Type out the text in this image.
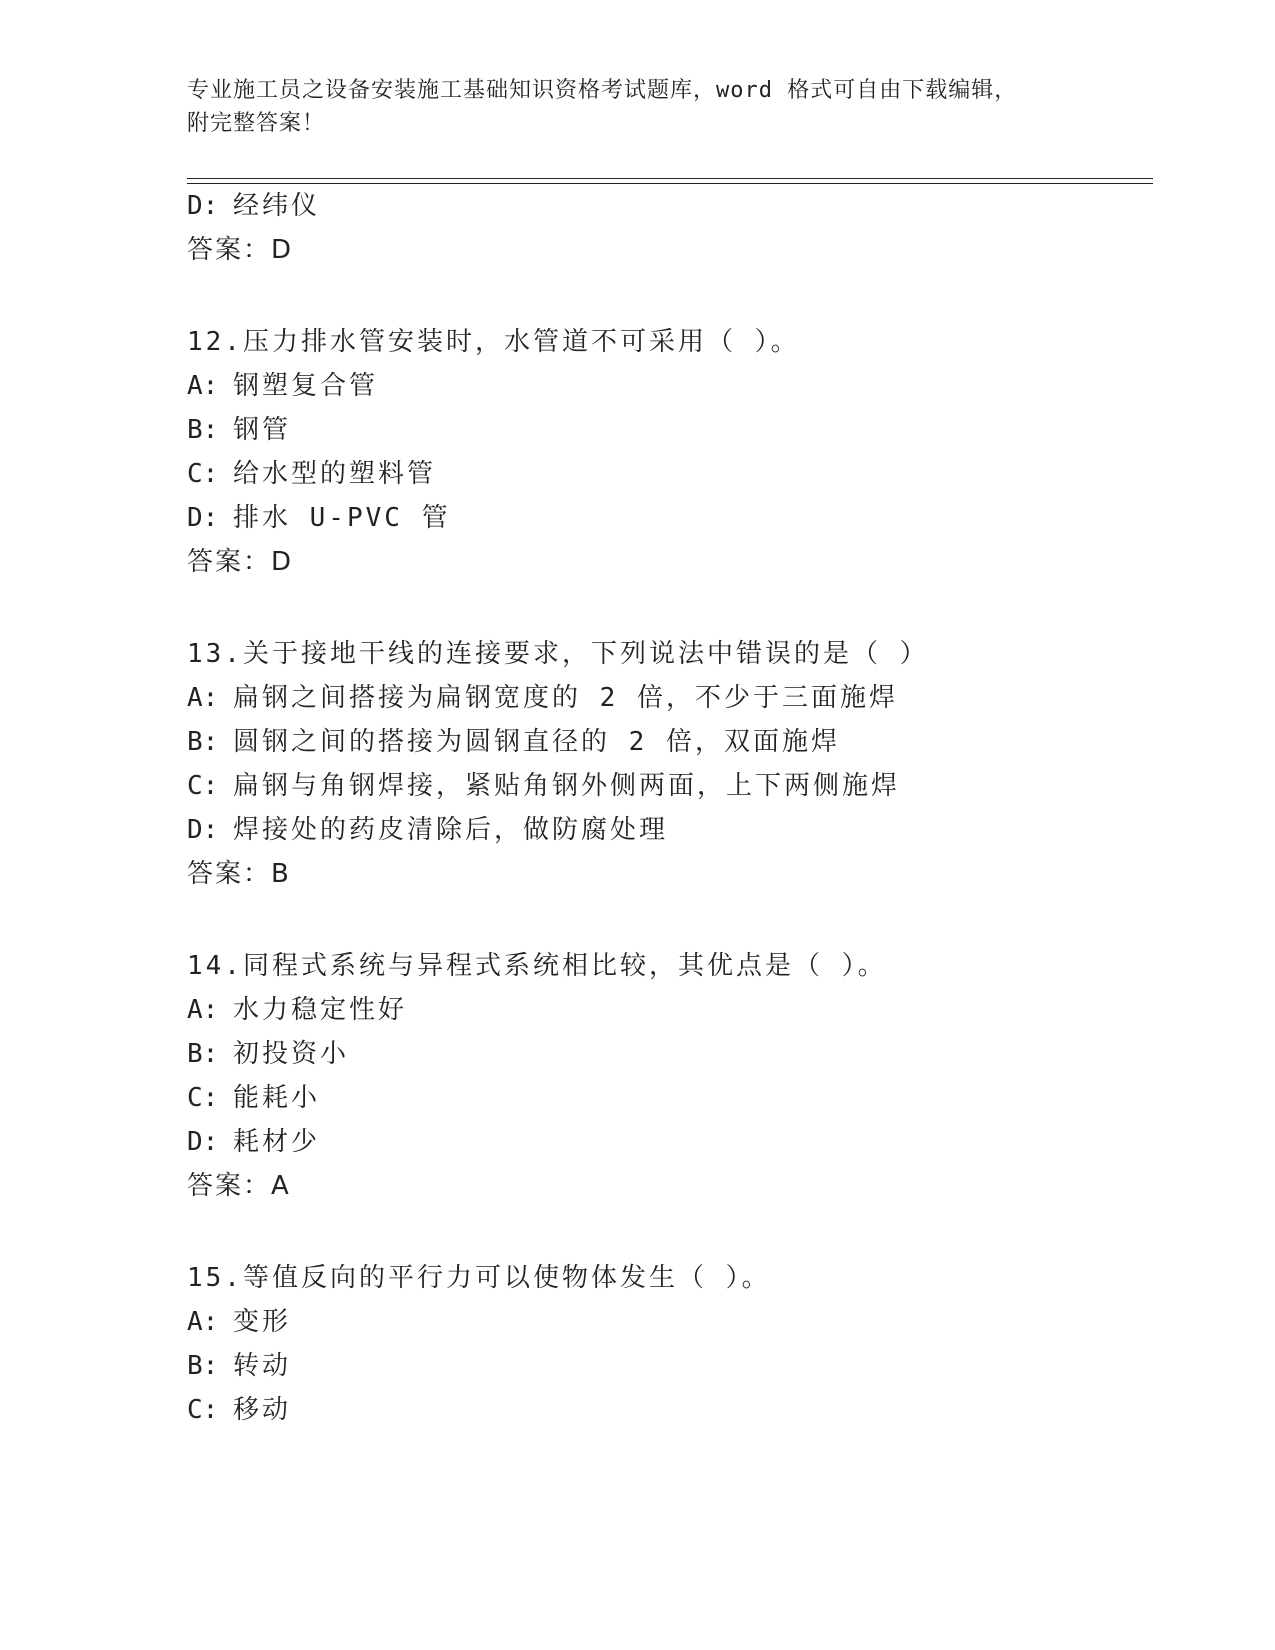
专业施工员之设备安装施工基础知识资格考试题库，word 格式可自由下载编辑，
附完整答案！
D: 经纬仪
答案：D
12.压力排水管安装时，水管道不可采用（ ）。
A: 钢塑复合管
B: 钢管
C: 给水型的塑料管
D: 排水 U-PVC 管
答案：D
13.关于接地干线的连接要求，下列说法中错误的是（ ）
A: 扁钢之间搭接为扁钢宽度的 2 倍，不少于三面施焊
B: 圆钢之间的搭接为圆钢直径的 2 倍，双面施焊
C: 扁钢与角钢焊接，紧贴角钢外侧两面，上下两侧施焊
D: 焊接处的药皮清除后，做防腐处理
答案：B
14.同程式系统与异程式系统相比较，其优点是（ ）。
A: 水力稳定性好
B: 初投资小
C: 能耗小
D: 耗材少
答案：A
15.等值反向的平行力可以使物体发生（ ）。
A: 变形
B: 转动
C: 移动
